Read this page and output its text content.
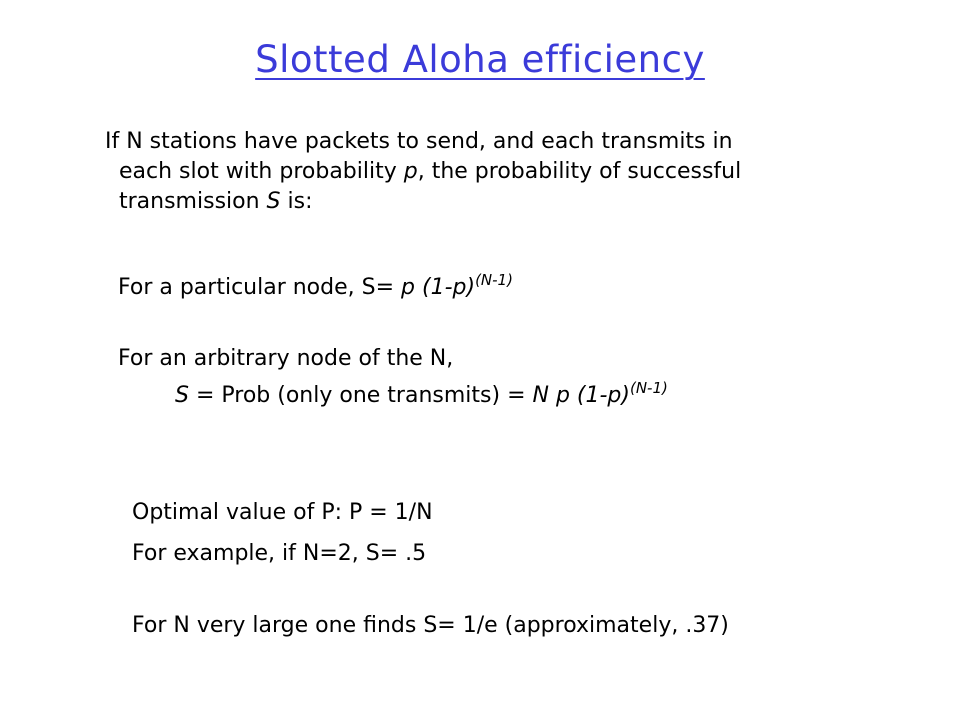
Slotted Aloha efficiency
If N stations have packets to send, and each transmits in
each slot with probability p, the probability of successful
transmission S is:
For a particular node, S= p $(1-p)^{(N-1)}$
For an arbitrary node of the N,
S = Prob (only one transmits) = N p $(1-p)^{(N-1)}$
Optimal value of P: P = 1/N
For example, if N=2, S= .5
For N very large one finds S= 1/e (approximately, .37)
